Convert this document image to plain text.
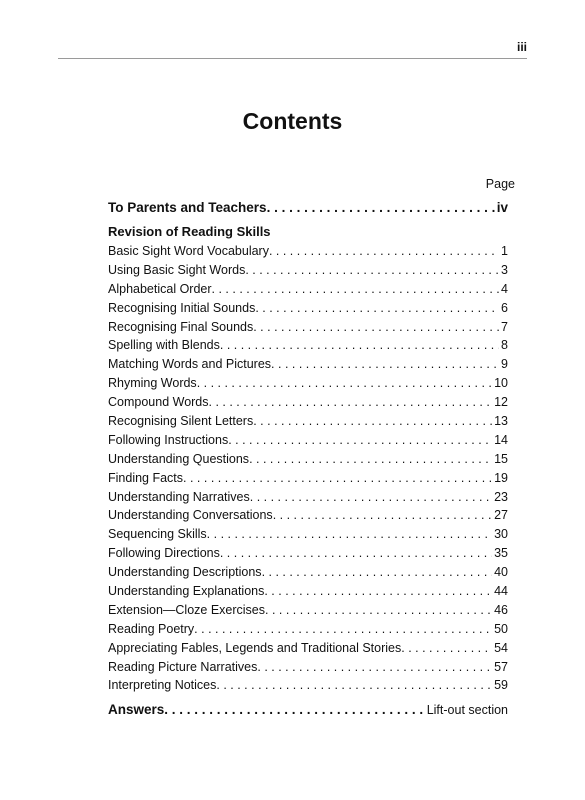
iii
Contents
Page
To Parents and Teachers . . .	iv
Revision of Reading Skills
Basic Sight Word Vocabulary . . .	1
Using Basic Sight Words . . .	3
Alphabetical Order . . .	4
Recognising Initial Sounds . . .	6
Recognising Final Sounds . . .	7
Spelling with Blends . . .	8
Matching Words and Pictures . . .	9
Rhyming Words . . .	10
Compound Words . . .	12
Recognising Silent Letters . . .	13
Following Instructions . . .	14
Understanding Questions . . .	15
Finding Facts . . .	19
Understanding Narratives . . .	23
Understanding Conversations . . .	27
Sequencing Skills . . .	30
Following Directions . . .	35
Understanding Descriptions . . .	40
Understanding Explanations . . .	44
Extension—Cloze Exercises . . .	46
Reading Poetry . . .	50
Appreciating Fables, Legends and Traditional Stories . . .	54
Reading Picture Narratives . . .	57
Interpreting Notices . . .	59
Answers . . .	Lift-out section
